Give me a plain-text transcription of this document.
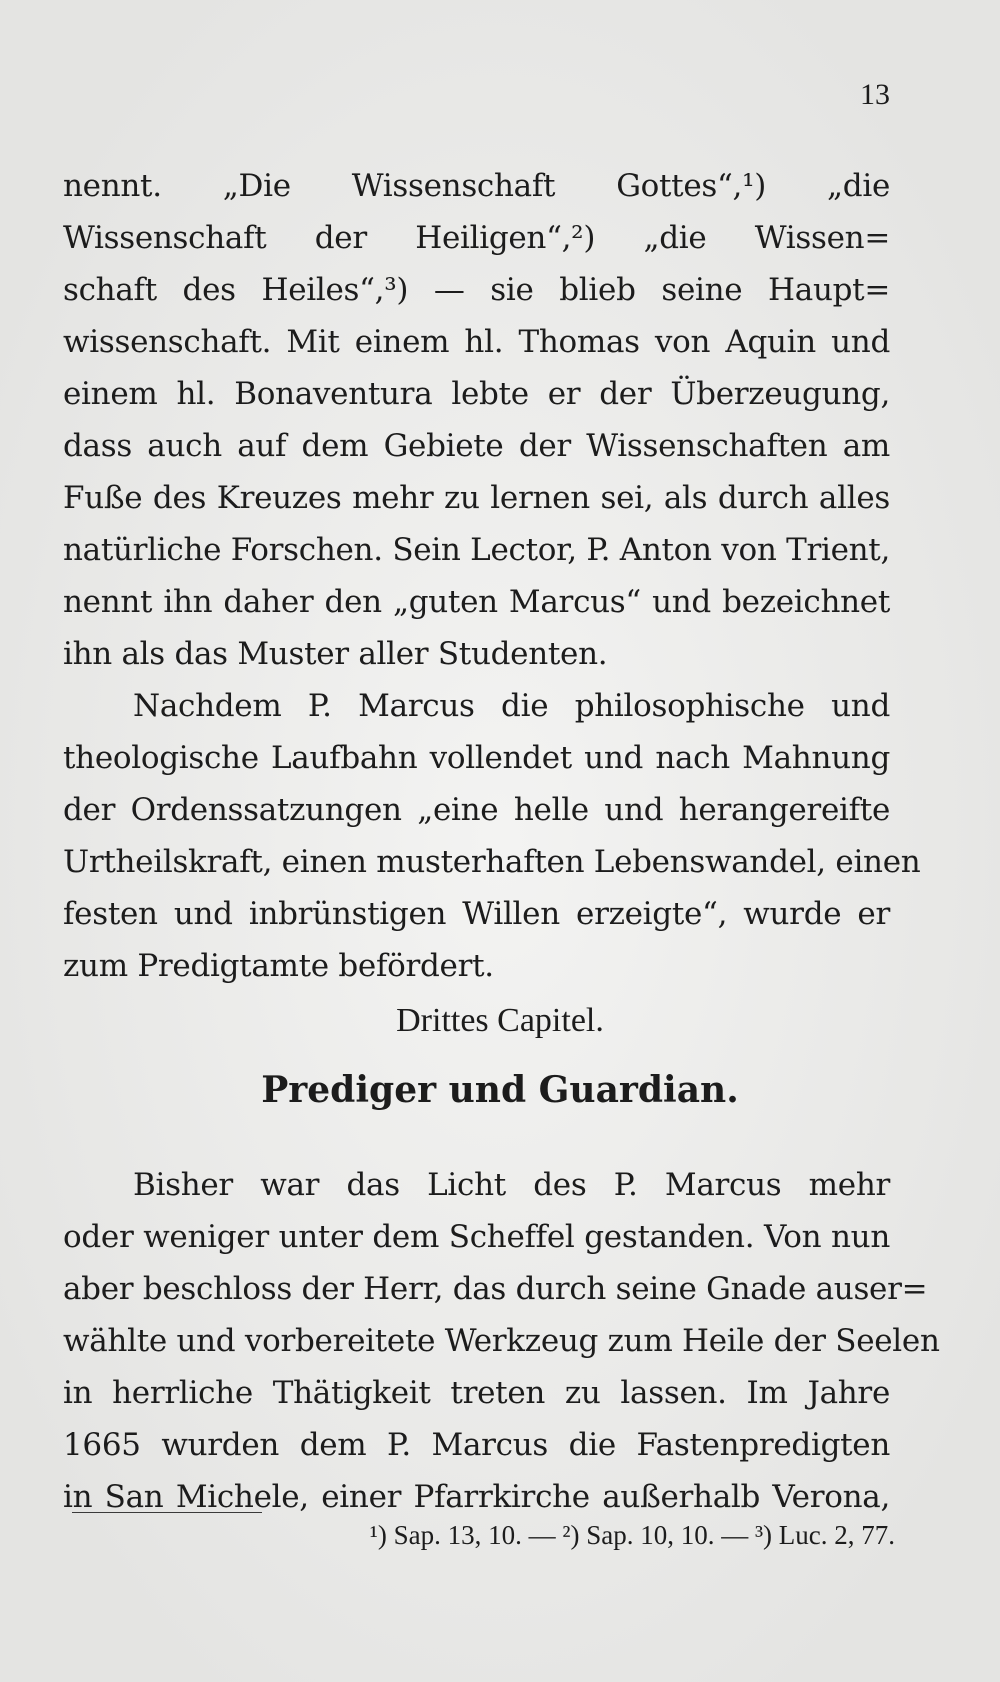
13
nennt. „Die Wissenschaft Gottes“,¹) „die
Wissenschaft der Heiligen“,²) „die Wissen=
schaft des Heiles“,³) — sie blieb seine Haupt=
wissenschaft. Mit einem hl. Thomas von Aquin und
einem hl. Bonaventura lebte er der Überzeugung,
dass auch auf dem Gebiete der Wissenschaften am
Fuße des Kreuzes mehr zu lernen sei, als durch alles
natürliche Forschen. Sein Lector, P. Anton von Trient,
nennt ihn daher den „guten Marcus“ und bezeichnet
ihn als das Muster aller Studenten.
Nachdem P. Marcus die philosophische und
theologische Laufbahn vollendet und nach Mahnung
der Ordenssatzungen „eine helle und herangereifte
Urtheilskraft, einen musterhaften Lebenswandel, einen
festen und inbrünstigen Willen erzeigte“, wurde er
zum Predigtamte befördert.
Drittes Capitel.
Prediger und Guardian.
Bisher war das Licht des P. Marcus mehr
oder weniger unter dem Scheffel gestanden. Von nun
aber beschloss der Herr, das durch seine Gnade auser=
wählte und vorbereitete Werkzeug zum Heile der Seelen
in herrliche Thätigkeit treten zu lassen. Im Jahre
1665 wurden dem P. Marcus die Fastenpredigten
in San Michele, einer Pfarrkirche außerhalb Verona,
¹) Sap. 13, 10. — ²) Sap. 10, 10. — ³) Luc. 2, 77.
